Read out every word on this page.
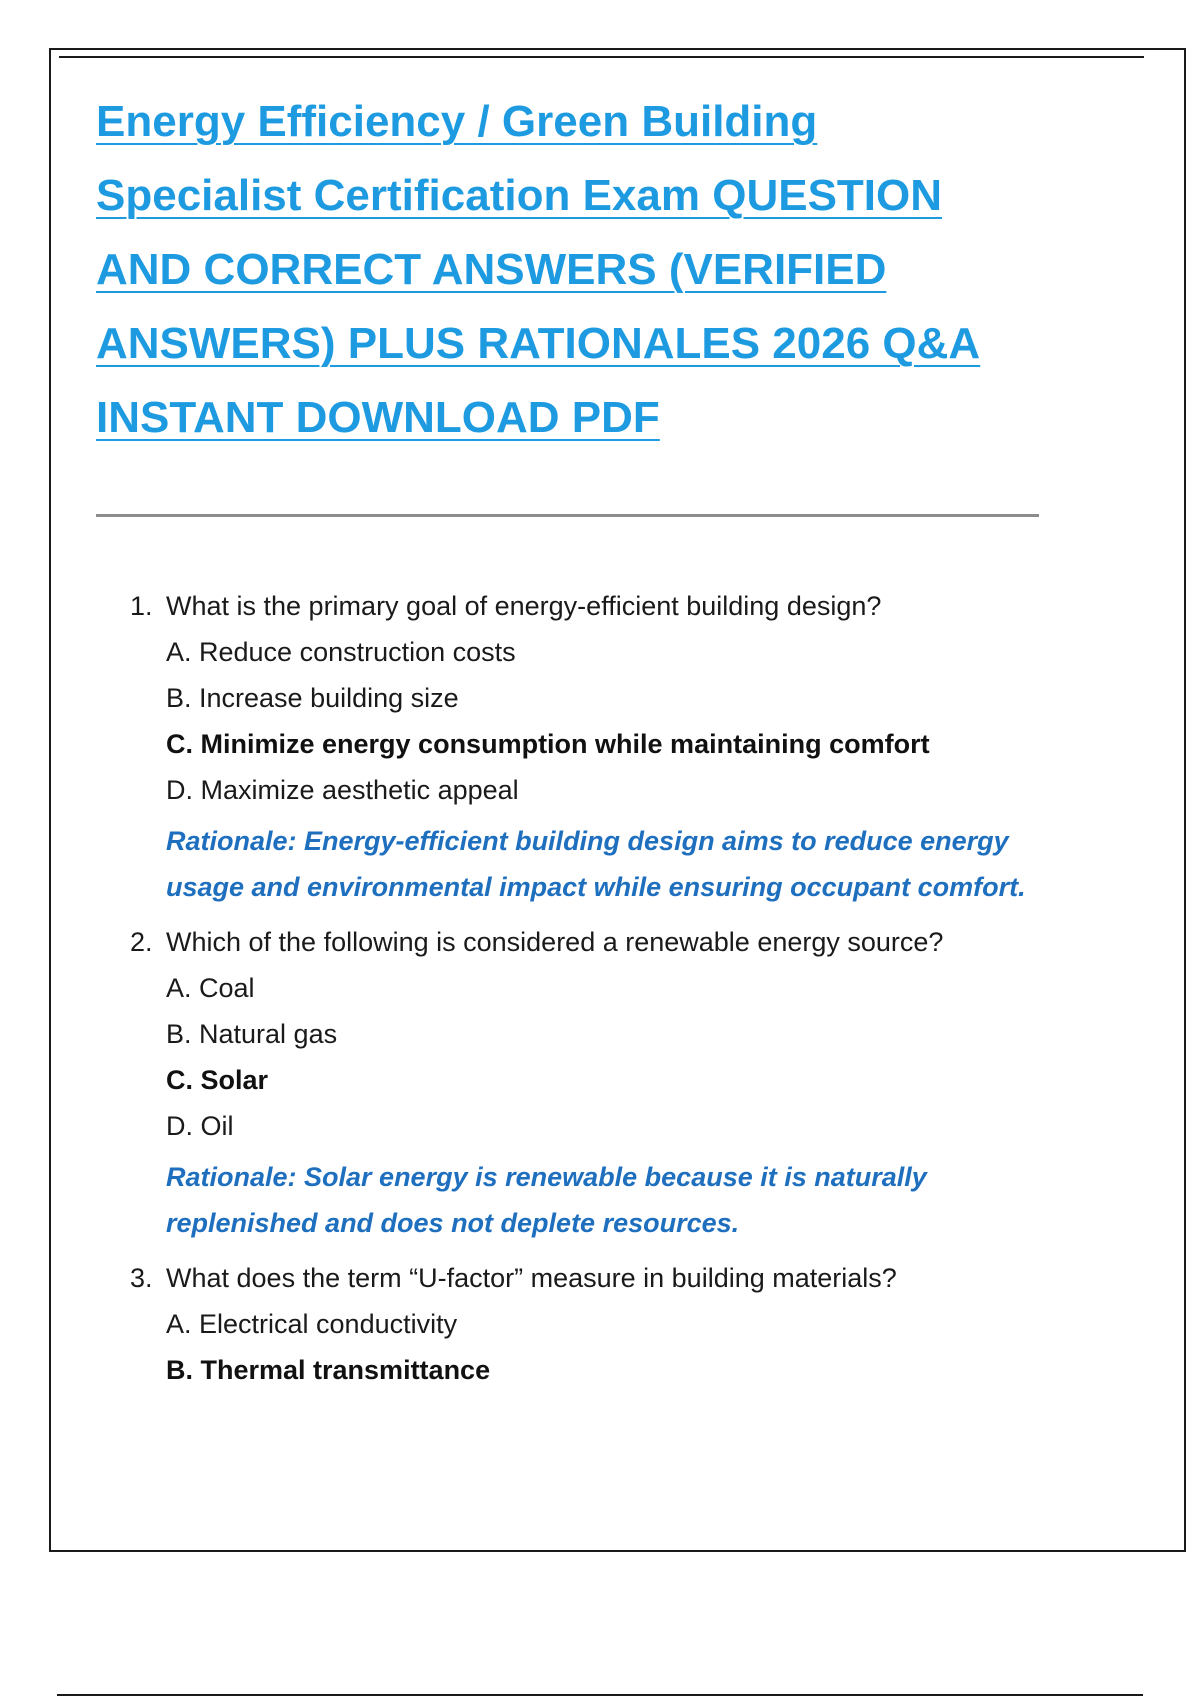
Energy Efficiency / Green Building
Specialist Certification Exam QUESTION
AND CORRECT ANSWERS (VERIFIED
ANSWERS) PLUS RATIONALES 2026 Q&A
INSTANT DOWNLOAD PDF
1. What is the primary goal of energy-efficient building design?
A. Reduce construction costs
B. Increase building size
C. Minimize energy consumption while maintaining comfort
D. Maximize aesthetic appeal
Rationale: Energy-efficient building design aims to reduce energy usage and environmental impact while ensuring occupant comfort.
2. Which of the following is considered a renewable energy source?
A. Coal
B. Natural gas
C. Solar
D. Oil
Rationale: Solar energy is renewable because it is naturally replenished and does not deplete resources.
3. What does the term “U-factor” measure in building materials?
A. Electrical conductivity
B. Thermal transmittance
